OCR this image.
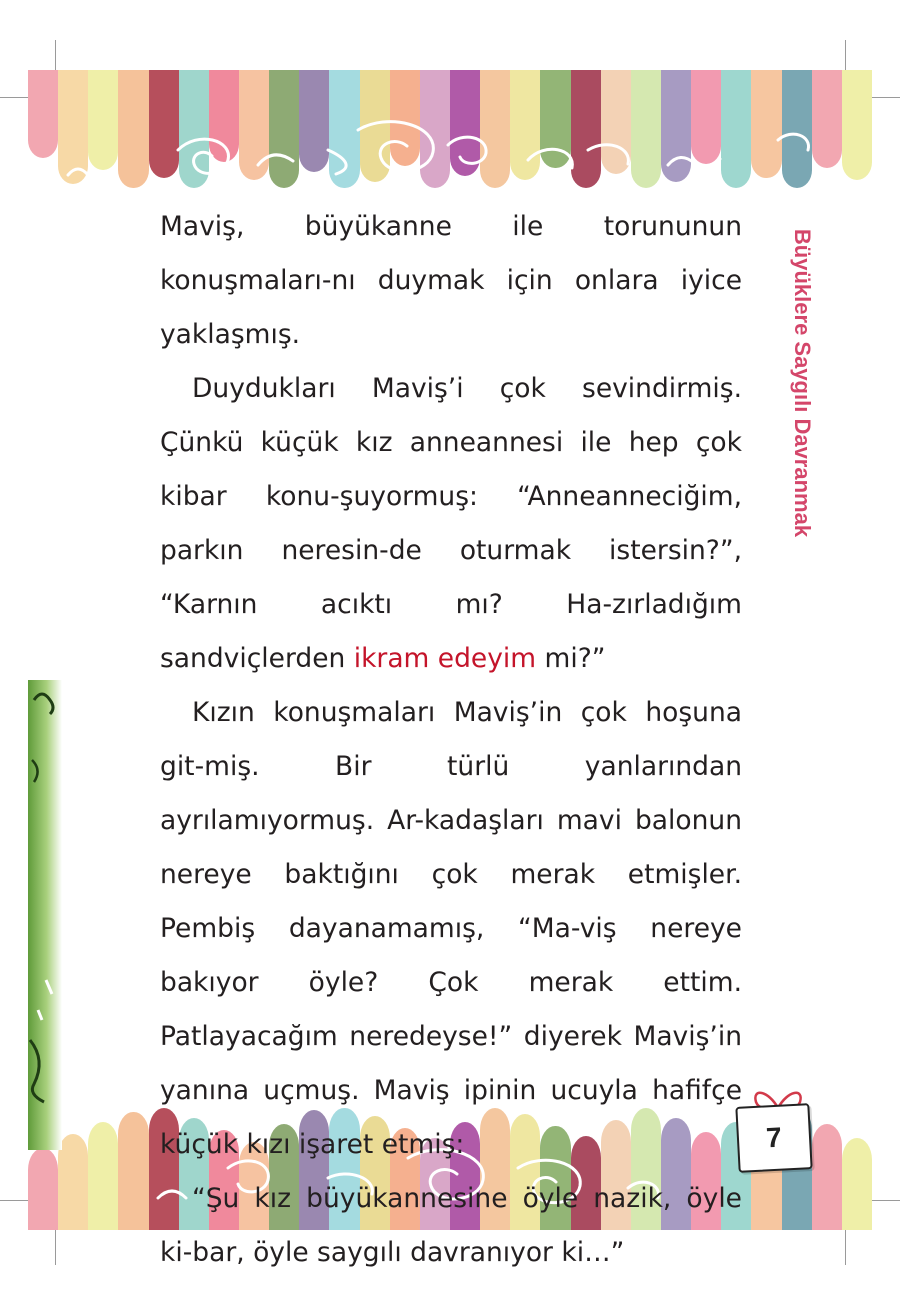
Büyüklere Saygılı Davranmak

Maviş, büyükanne ile torununun konuşmaları-nı duymak için onlara iyice yaklaşmış.

Duydukları Maviş’i çok sevindirmiş. Çünkü küçük kız anneannesi ile hep çok kibar konu-şuyormuş: “Anneanneciğim, parkın neresin-de oturmak istersin?”, “Karnın acıktı mı? Ha-zırladığım sandviçlerden ikram edeyim mi?”

Kızın konuşmaları Maviş’in çok hoşuna git-miş. Bir türlü yanlarından ayrılamıyormuş. Ar-kadaşları mavi balonun nereye baktığını çok merak etmişler. Pembiş dayanamamış, “Ma-viş nereye bakıyor öyle? Çok merak ettim. Patlayacağım neredeyse!” diyerek Maviş’in yanına uçmuş. Maviş ipinin ucuyla hafifçe küçük kızı işaret etmiş:

“Şu kız büyükannesine öyle nazik, öyle ki-bar, öyle saygılı davranıyor ki…”

7
